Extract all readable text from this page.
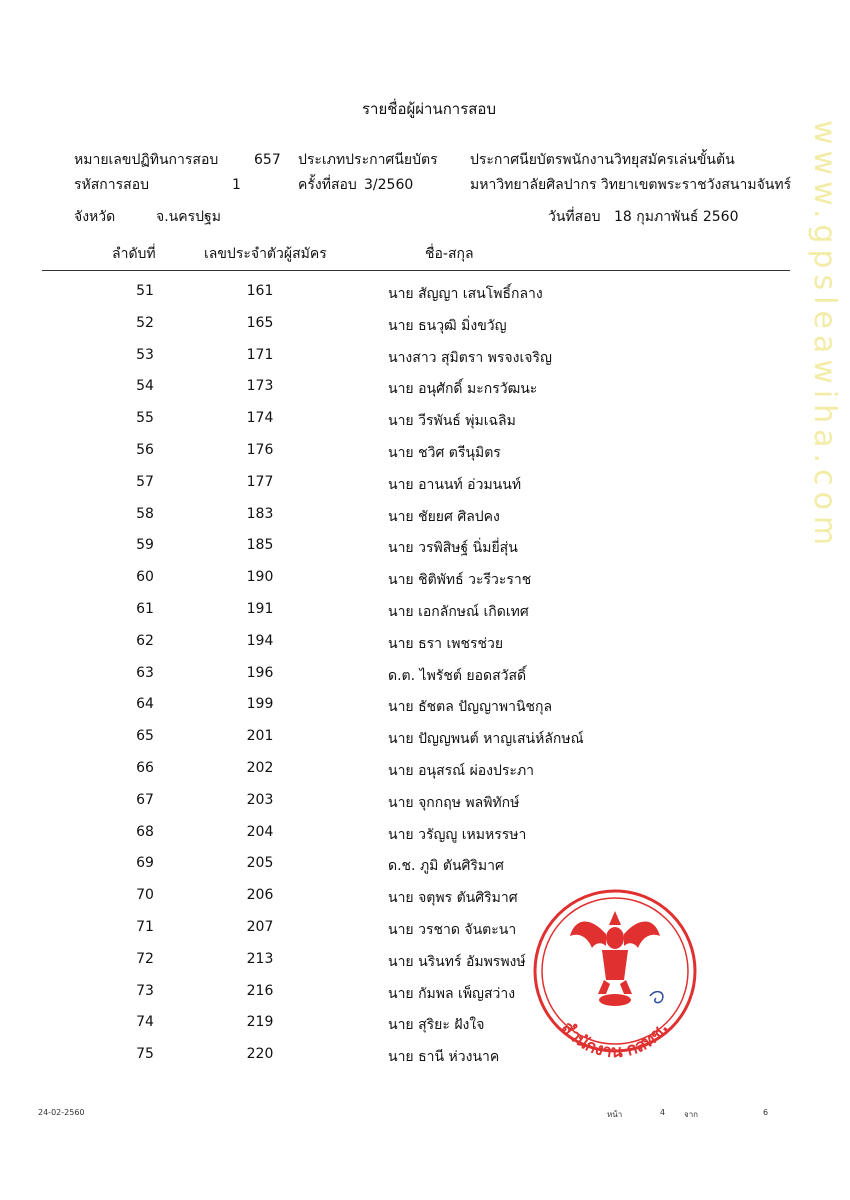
รายชื่อผู้ผ่านการสอบ
หมายเลขปฏิทินการสอบ	657 ประเภทประกาศนียบัตร ประกาศนียบัตรพนักงานวิทยุสมัครเล่นขั้นต้น
รหัสการสอบ	1	ครั้งที่สอบ 3/2560	มหาวิทยาลัยศิลปากร วิทยาเขตพระราชวังสนามจันทร์
จังหวัด	จ.นครปฐม	วันที่สอบ 18 กุมภาพันธ์ 2560
ลำดับที่	เลขประจำตัวผู้สมัคร	ชื่อ-สกุล
51	161	นาย สัญญา เสนโพธิ์กลาง
52	165	นาย ธนวุฒิ มิ่งขวัญ
53	171	นางสาว สุมิตรา พรจงเจริญ
54	173	นาย อนุศักดิ์ มะกรวัฒนะ
55	174	นาย วีรพันธ์ พุ่มเฉลิม
56	176	นาย ชวิศ ตรีนุมิตร
57	177	นาย อานนท์ อ่วมนนท์
58	183	นาย ชัยยศ ศิลปคง
59	185	นาย วรพิสิษฐ์ นิ่มยี่สุ่น
60	190	นาย ชิติพัทธ์ วะรีวะราช
61	191	นาย เอกลักษณ์ เกิดเทศ
62	194	นาย ธรา เพชรช่วย
63	196	ด.ต. ไพรัชต์ ยอดสวัสดิ์
64	199	นาย ธัชตล ปัญญาพานิชกุล
65	201	นาย ปัญญพนต์ หาญเสน่ห์ลักษณ์
66	202	นาย อนุสรณ์ ผ่องประภา
67	203	นาย จุกกฤษ พลพิทักษ์
68	204	นาย วรัญญู เหมหรรษา
69	205	ด.ช. ภูมิ ตันศิริมาศ
70	206	นาย จตุพร ตันศิริมาศ
71	207	นาย วรชาด จันตะนา
72	213	นาย นรินทร์ อัมพรพงษ์
73	216	นาย กัมพล เพ็ญสว่าง
74	219	นาย สุริยะ ฝังใจ
75	220	นาย ธานี ห่วงนาค
สำนักงาน กสทช.
www.gpsleawiha.com
24-02-2560	หน้า	4 จาก	6
